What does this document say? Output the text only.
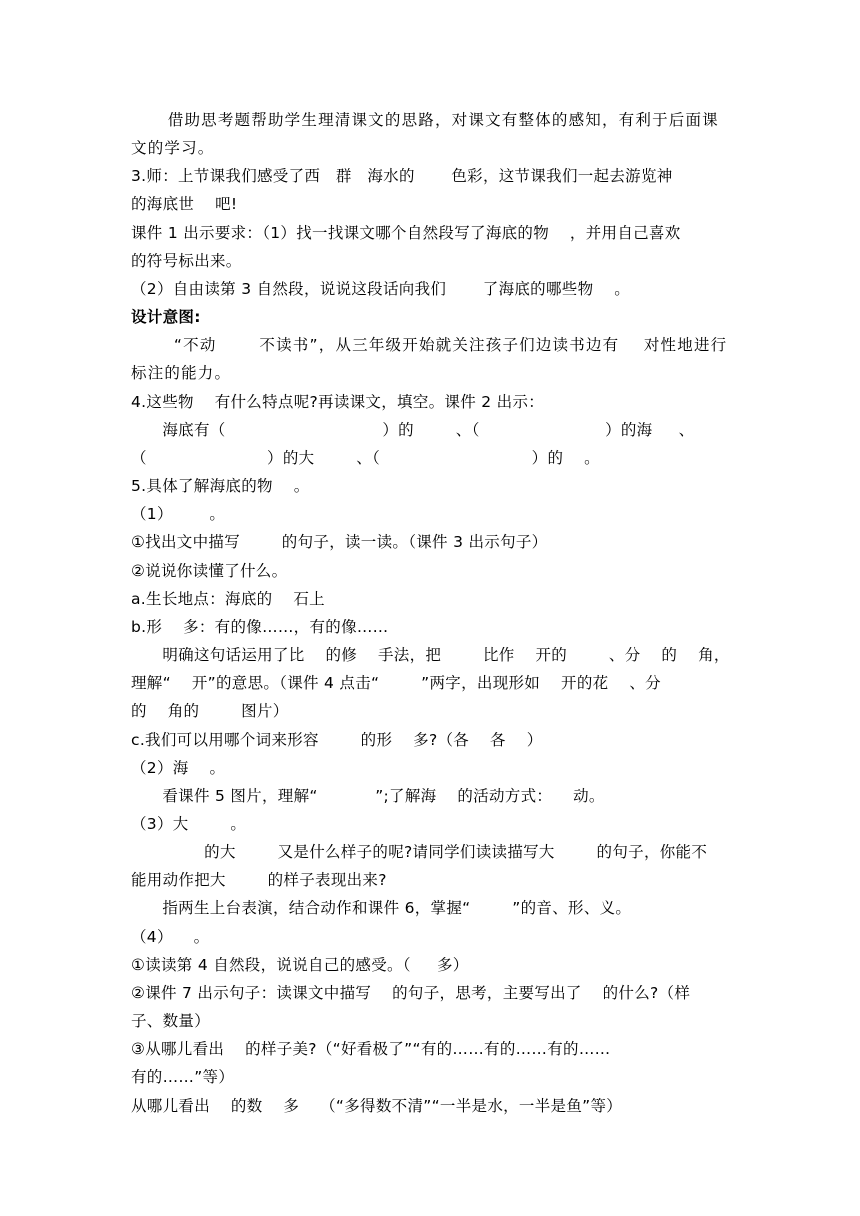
借助思考题帮助学生理清课文的思路，对课文有整体的感知，有利于后面课
文的学习。
3.师：上节课我们感受了西   群   海水的       色彩，这节课我们一起去游览神
的海底世    吧!
课件 1 出示要求：（1）找一找课文哪个自然段写了海底的物    ，并用自己喜欢
的符号标出来。
（2）自由读第 3 自然段，说说这段话向我们       了海底的哪些物    。
设计意图:
“不动       不读书”，从三年级开始就关注孩子们边读书边有    对性地进行
标注的能力。
4.这些物    有什么特点呢?再读课文，填空。课件 2 出示：
海底有（                              ）的        、（                        ）的海     、
（                       ）的大        、（                             ）的    。
5.具体了解海底的物    。
（1）       。
①找出文中描写        的句子，读一读。（课件 3 出示句子）
②说说你读懂了什么。
a.生长地点：海底的    石上
b.形    多：有的像……，有的像……
明确这句话运用了比    的修    手法，把        比作    开的        、分    的    角，
理解“    开”的意思。（课件 4 点击“        ”两字，出现形如    开的花    、分
的    角的        图片）
c.我们可以用哪个词来形容        的形    多?（各    各    ）
（2）海    。
看课件 5 图片，理解“           ”;了解海    的活动方式：    动。
（3）大        。
的大        又是什么样子的呢?请同学们读读描写大        的句子，你能不
能用动作把大        的样子表现出来?
指两生上台表演，结合动作和课件 6，掌握“        ”的音、形、义。
（4）    。
①读读第 4 自然段，说说自己的感受。（     多）
②课件 7 出示句子：读课文中描写    的句子，思考，主要写出了    的什么?（样
子、数量）
③从哪儿看出    的样子美?（“好看极了”“有的……有的……有的……
有的……”等）
从哪儿看出    的数    多    （“多得数不清”“一半是水，一半是鱼”等）
